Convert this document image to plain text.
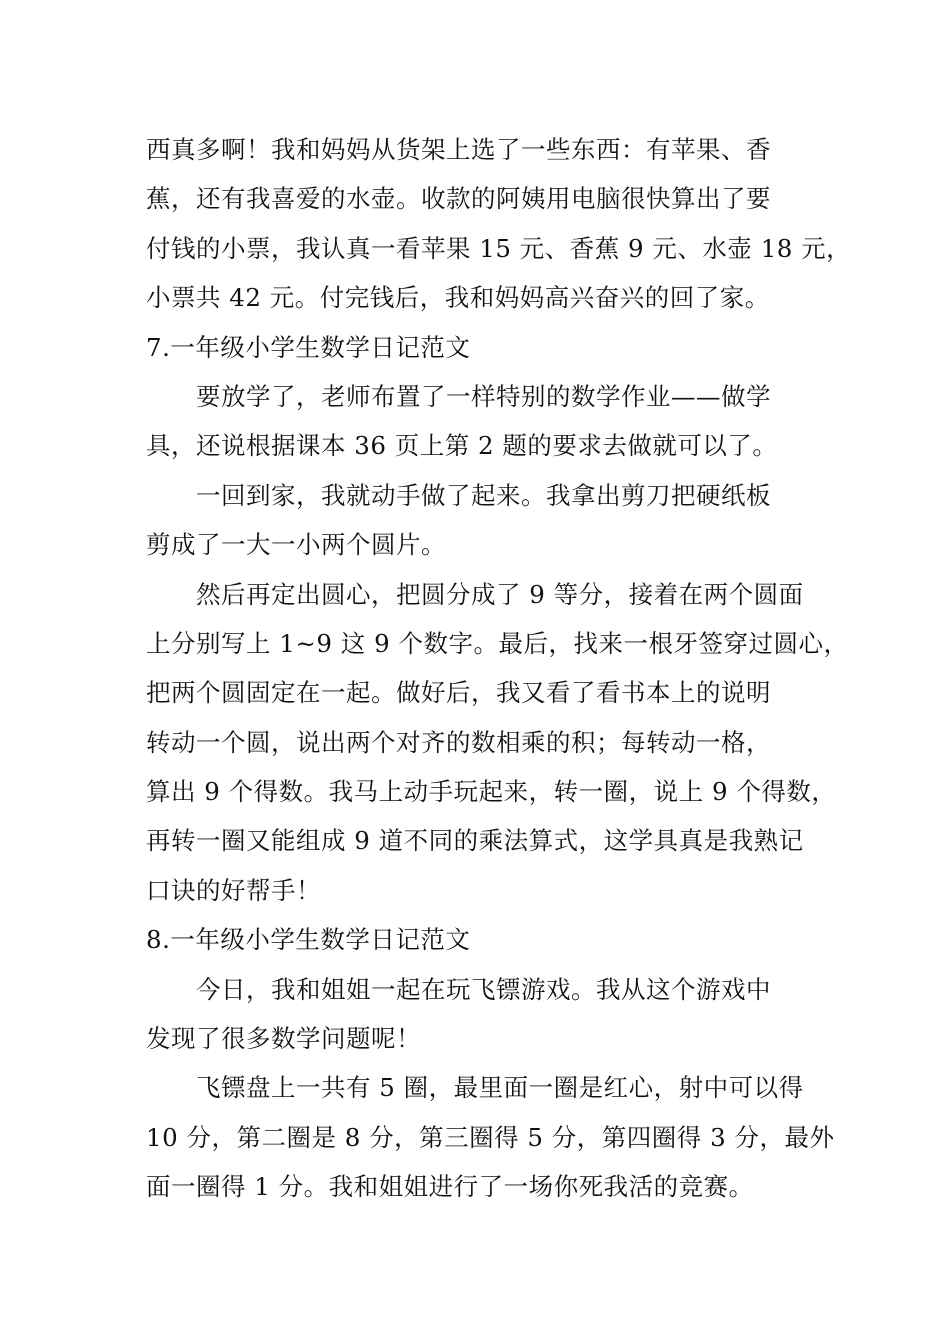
西真多啊！我和妈妈从货架上选了一些东西：有苹果、香
蕉，还有我喜爱的水壶。收款的阿姨用电脑很快算出了要
付钱的小票，我认真一看苹果 15 元、香蕉 9 元、水壶 18 元，
小票共 42 元。付完钱后，我和妈妈高兴奋兴的回了家。
7.一年级小学生数学日记范文
要放学了，老师布置了一样特别的数学作业——做学
具，还说根据课本 36 页上第 2 题的要求去做就可以了。
一回到家，我就动手做了起来。我拿出剪刀把硬纸板
剪成了一大一小两个圆片。
然后再定出圆心，把圆分成了 9 等分，接着在两个圆面
上分别写上 1~9 这 9 个数字。最后，找来一根牙签穿过圆心，
把两个圆固定在一起。做好后，我又看了看书本上的说明
转动一个圆，说出两个对齐的数相乘的积；每转动一格，
算出 9 个得数。我马上动手玩起来，转一圈，说上 9 个得数，
再转一圈又能组成 9 道不同的乘法算式，这学具真是我熟记
口诀的好帮手！
8.一年级小学生数学日记范文
今日，我和姐姐一起在玩飞镖游戏。我从这个游戏中
发现了很多数学问题呢！
飞镖盘上一共有 5 圈，最里面一圈是红心，射中可以得
10 分，第二圈是 8 分，第三圈得 5 分，第四圈得 3 分，最外
面一圈得 1 分。我和姐姐进行了一场你死我活的竞赛。
